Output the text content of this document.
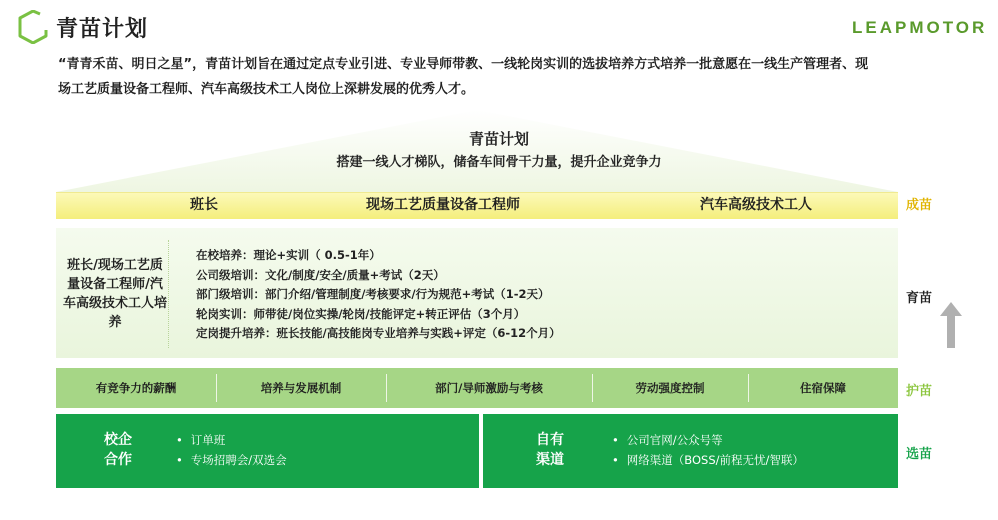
青苗计划	LEAPMOTOR
“青青禾苗、明日之星”，青苗计划旨在通过定点专业引进、专业导师带教、一线轮岗实训的选拔培养方式培养一批意愿在一线生产管理者、现
场工艺质量设备工程师、汽车高级技术工人岗位上深耕发展的优秀人才。
青苗计划
搭建一线人才梯队，储备车间骨干力量，提升企业竞争力
班长	现场工艺质量设备工程师	汽车高级技术工人
班长/现场工艺质量设备工程师/汽车高级技术工人培养
在校培养：理论+实训（ 0.5-1年）
公司级培训：文化/制度/安全/质量+考试（2天）
部门级培训：部门介绍/管理制度/考核要求/行为规范+考试（1-2天）
轮岗实训：师带徒/岗位实操/轮岗/技能评定+转正评估（3个月）
定岗提升培养：班长技能/高技能岗专业培养与实践+评定（6-12个月）
有竞争力的薪酬	培养与发展机制	部门/导师激励与考核	劳动强度控制	住宿保障
校企
合作
• 订单班
• 专场招聘会/双选会
自有
渠道
• 公司官网/公众号等
• 网络渠道（BOSS/前程无忧/智联）
成苗
育苗
护苗
选苗
